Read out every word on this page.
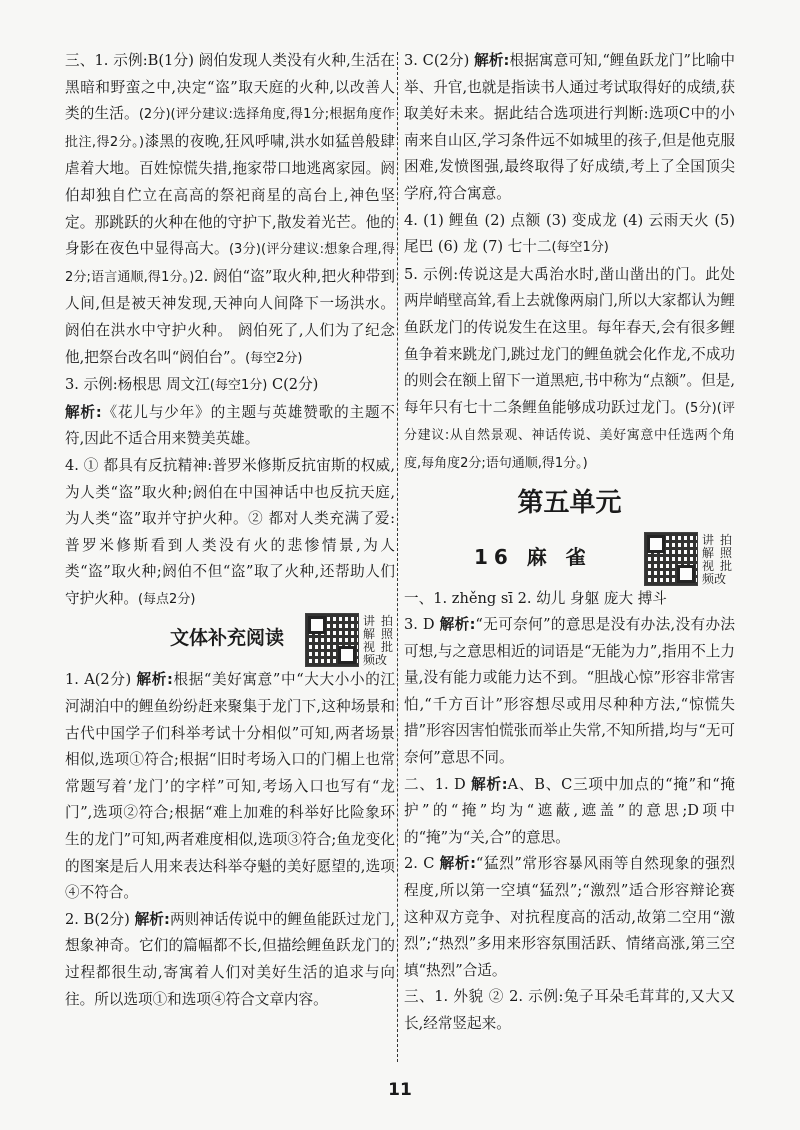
三、1. 示例:B(1分) 阏伯发现人类没有火种,生活在黑暗和野蛮之中,决定“盗”取天庭的火种,以改善人类的生活。(2分)(评分建议:选择角度,得1分;根据角度作批注,得2分。)漆黑的夜晚,狂风呼啸,洪水如猛兽般肆虐着大地。百姓惊慌失措,拖家带口地逃离家园。阏伯却独自伫立在高高的祭祀商星的高台上,神色坚定。那跳跃的火种在他的守护下,散发着光芒。他的身影在夜色中显得高大。(3分)(评分建议:想象合理,得2分;语言通顺,得1分。)2. 阏伯“盗”取火种,把火种带到人间,但是被天神发现,天神向人间降下一场洪水。阏伯在洪水中守护火种。 阏伯死了,人们为了纪念他,把祭台改名叫“阏伯台”。(每空2分)

3. 示例:杨根思 周文江(每空1分) C(2分)
解析:《花儿与少年》的主题与英雄赞歌的主题不符,因此不适合用来赞美英雄。

4. ① 都具有反抗精神:普罗米修斯反抗宙斯的权威,为人类“盗”取火种;阏伯在中国神话中也反抗天庭,为人类“盗”取并守护火种。② 都对人类充满了爱:普罗米修斯看到人类没有火的悲惨情景,为人类“盗”取火种;阏伯不但“盗”取了火种,还帮助人们守护火种。(每点2分)

文体补充阅读
讲拍解照视批频改

1. A(2分) 解析:根据“美好寓意”中“大大小小的江河湖泊中的鲤鱼纷纷赶来聚集于龙门下,这种场景和古代中国学子们科举考试十分相似”可知,两者场景相似,选项①符合;根据“旧时考场入口的门楣上也常常题写着‘龙门’的字样”可知,考场入口也写有“龙门”,选项②符合;根据“难上加难的科举好比险象环生的龙门”可知,两者难度相似,选项③符合;鱼龙变化的图案是后人用来表达科举夺魁的美好愿望的,选项④不符合。

2. B(2分) 解析:两则神话传说中的鲤鱼能跃过龙门,想象神奇。它们的篇幅都不长,但描绘鲤鱼跃龙门的过程都很生动,寄寓着人们对美好生活的追求与向往。所以选项①和选项④符合文章内容。

3. C(2分) 解析:根据寓意可知,“鲤鱼跃龙门”比喻中举、升官,也就是指读书人通过考试取得好的成绩,获取美好未来。据此结合选项进行判断:选项C中的小南来自山区,学习条件远不如城里的孩子,但是他克服困难,发愤图强,最终取得了好成绩,考上了全国顶尖学府,符合寓意。

4. (1) 鲤鱼 (2) 点额 (3) 变成龙 (4) 云雨天火 (5) 尾巴 (6) 龙 (7) 七十二(每空1分)

5. 示例:传说这是大禹治水时,凿山凿出的门。此处两岸峭壁高耸,看上去就像两扇门,所以大家都认为鲤鱼跃龙门的传说发生在这里。每年春天,会有很多鲤鱼争着来跳龙门,跳过龙门的鲤鱼就会化作龙,不成功的则会在额上留下一道黑疤,书中称为“点额”。但是,每年只有七十二条鲤鱼能够成功跃过龙门。(5分)(评分建议:从自然景观、神话传说、美好寓意中任选两个角度,每角度2分;语句通顺,得1分。)

第五单元
16 麻 雀
讲拍解照视批频改

一、1. zhěng sī 2. 幼儿 身躯 庞大 搏斗

3. D 解析:“无可奈何”的意思是没有办法,没有办法可想,与之意思相近的词语是“无能为力”,指用不上力量,没有能力或能力达不到。“胆战心惊”形容非常害怕,“千方百计”形容想尽或用尽种种方法,“惊慌失措”形容因害怕慌张而举止失常,不知所措,均与“无可奈何”意思不同。

二、1. D 解析:A、B、C三项中加点的“掩”和“掩护”的“掩”均为“遮蔽,遮盖”的意思;D项中的“掩”为“关,合”的意思。

2. C 解析:“猛烈”常形容暴风雨等自然现象的强烈程度,所以第一空填“猛烈”;“激烈”适合形容辩论赛这种双方竞争、对抗程度高的活动,故第二空用“激烈”;“热烈”多用来形容氛围活跃、情绪高涨,第三空填“热烈”合适。

三、1. 外貌 ② 2. 示例:兔子耳朵毛茸茸的,又大又长,经常竖起来。

11
